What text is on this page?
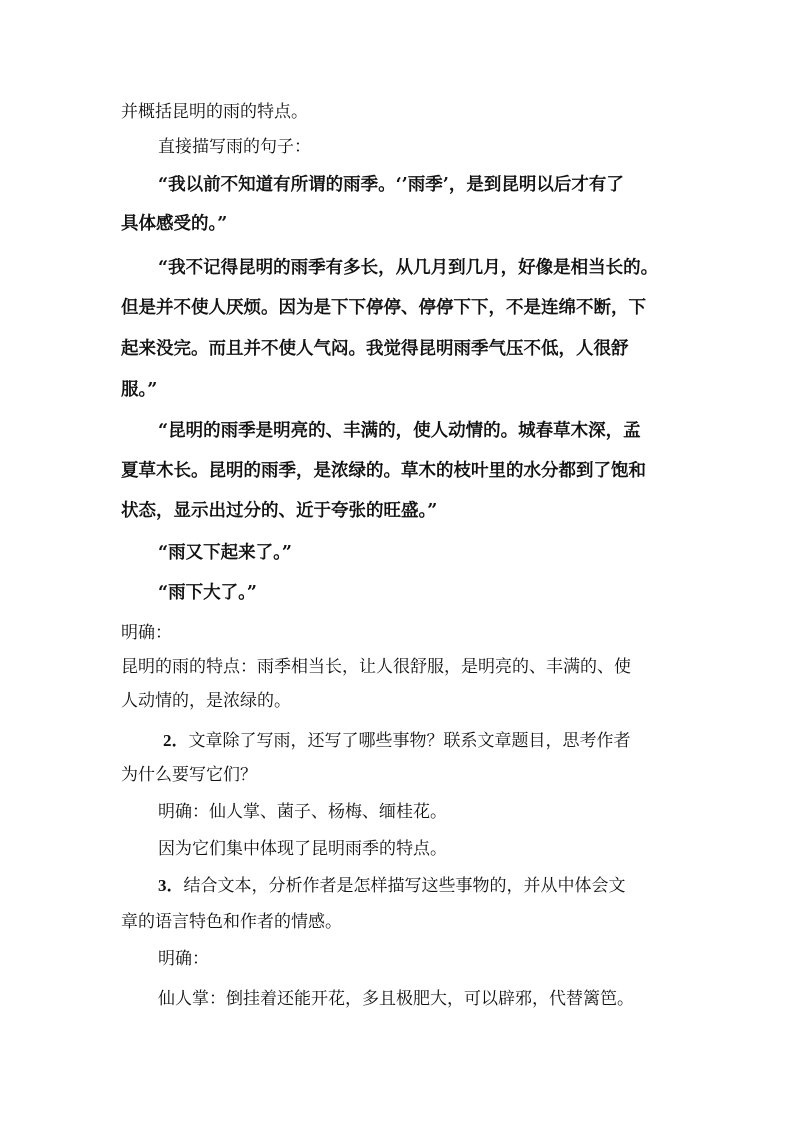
并概括昆明的雨的特点。
直接描写雨的句子：
“我以前不知道有所谓的雨季。‘’雨季’，是到昆明以后才有了
具体感受的。”
“我不记得昆明的雨季有多长，从几月到几月，好像是相当长的。
但是并不使人厌烦。因为是下下停停、停停下下，不是连绵不断，下
起来没完。而且并不使人气闷。我觉得昆明雨季气压不低，人很舒
服。”
“昆明的雨季是明亮的、丰满的，使人动情的。城春草木深，孟
夏草木长。昆明的雨季，是浓绿的。草木的枝叶里的水分都到了饱和
状态，显示出过分的、近于夸张的旺盛。”
“雨又下起来了。”
“雨下大了。”
明确：
昆明的雨的特点：雨季相当长，让人很舒服，是明亮的、丰满的、使
人动情的，是浓绿的。
2．文章除了写雨，还写了哪些事物？联系文章题目，思考作者
为什么要写它们？
明确：仙人掌、菌子、杨梅、缅桂花。
因为它们集中体现了昆明雨季的特点。
3．结合文本，分析作者是怎样描写这些事物的，并从中体会文
章的语言特色和作者的情感。
明确：
仙人掌：倒挂着还能开花，多且极肥大，可以辟邪，代替篱笆。
